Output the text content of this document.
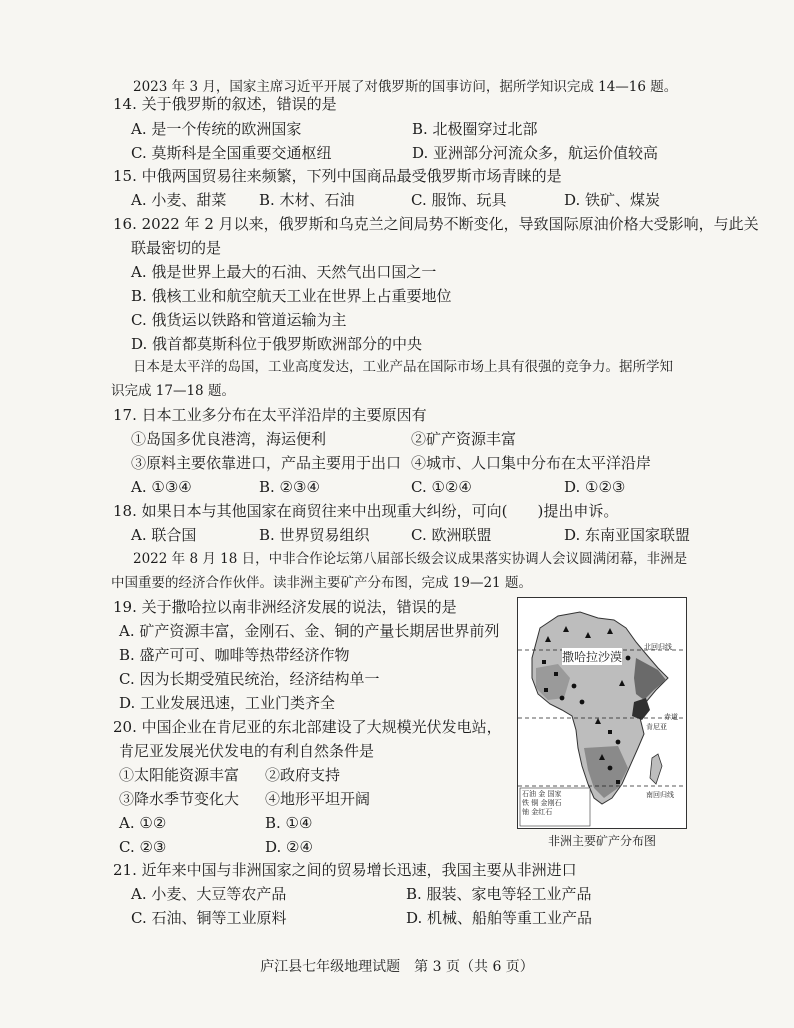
2023 年 3 月，国家主席习近平开展了对俄罗斯的国事访问，据所学知识完成 14—16 题。
14. 关于俄罗斯的叙述，错误的是
A. 是一个传统的欧洲国家	B. 北极圈穿过北部
C. 莫斯科是全国重要交通枢纽	D. 亚洲部分河流众多，航运价值较高
15. 中俄两国贸易往来频繁，下列中国商品最受俄罗斯市场青睐的是
A. 小麦、甜菜 B. 木材、石油	C. 服饰、玩具	D. 铁矿、煤炭
16. 2022 年 2 月以来，俄罗斯和乌克兰之间局势不断变化，导致国际原油价格大受影响，与此关
联最密切的是
A. 俄是世界上最大的石油、天然气出口国之一
B. 俄核工业和航空航天工业在世界上占重要地位
C. 俄货运以铁路和管道运输为主
D. 俄首都莫斯科位于俄罗斯欧洲部分的中央
日本是太平洋的岛国，工业高度发达，工业产品在国际市场上具有很强的竞争力。据所学知
识完成 17—18 题。
17. 日本工业多分布在太平洋沿岸的主要原因有
①岛国多优良港湾，海运便利	②矿产资源丰富
③原料主要依靠进口，产品主要用于出口 ④城市、人口集中分布在太平洋沿岸
A. ①③④	B. ②③④	C. ①②④	D. ①②③
18. 如果日本与其他国家在商贸往来中出现重大纠纷，可向(　　)提出申诉。
A. 联合国	B. 世界贸易组织	C. 欧洲联盟	D. 东南亚国家联盟
2022 年 8 月 18 日，中非合作论坛第八届部长级会议成果落实协调人会议圆满闭幕，非洲是
中国重要的经济合作伙伴。读非洲主要矿产分布图，完成 19—21 题。
19. 关于撒哈拉以南非洲经济发展的说法，错误的是
A. 矿产资源丰富，金刚石、金、铜的产量长期居世界前列
B. 盛产可可、咖啡等热带经济作物
C. 因为长期受殖民统治，经济结构单一
D. 工业发展迅速，工业门类齐全
20. 中国企业在肯尼亚的东北部建设了大规模光伏发电站，
肯尼亚发展光伏发电的有利自然条件是
①太阳能资源丰富 ②政府支持
③降水季节变化大 ④地形平坦开阔
A. ①②	B. ①④
C. ②③	D. ②④
撒哈拉沙漠
北回归线
赤道
肯尼亚
南回归线
石油 金 国家
铁 铜 金刚石
铀 金红石
非洲主要矿产分布图
21. 近年来中国与非洲国家之间的贸易增长迅速，我国主要从非洲进口
A. 小麦、大豆等农产品	B. 服装、家电等轻工业产品
C. 石油、铜等工业原料	D. 机械、船舶等重工业产品
庐江县七年级地理试题　第 3 页（共 6 页）
